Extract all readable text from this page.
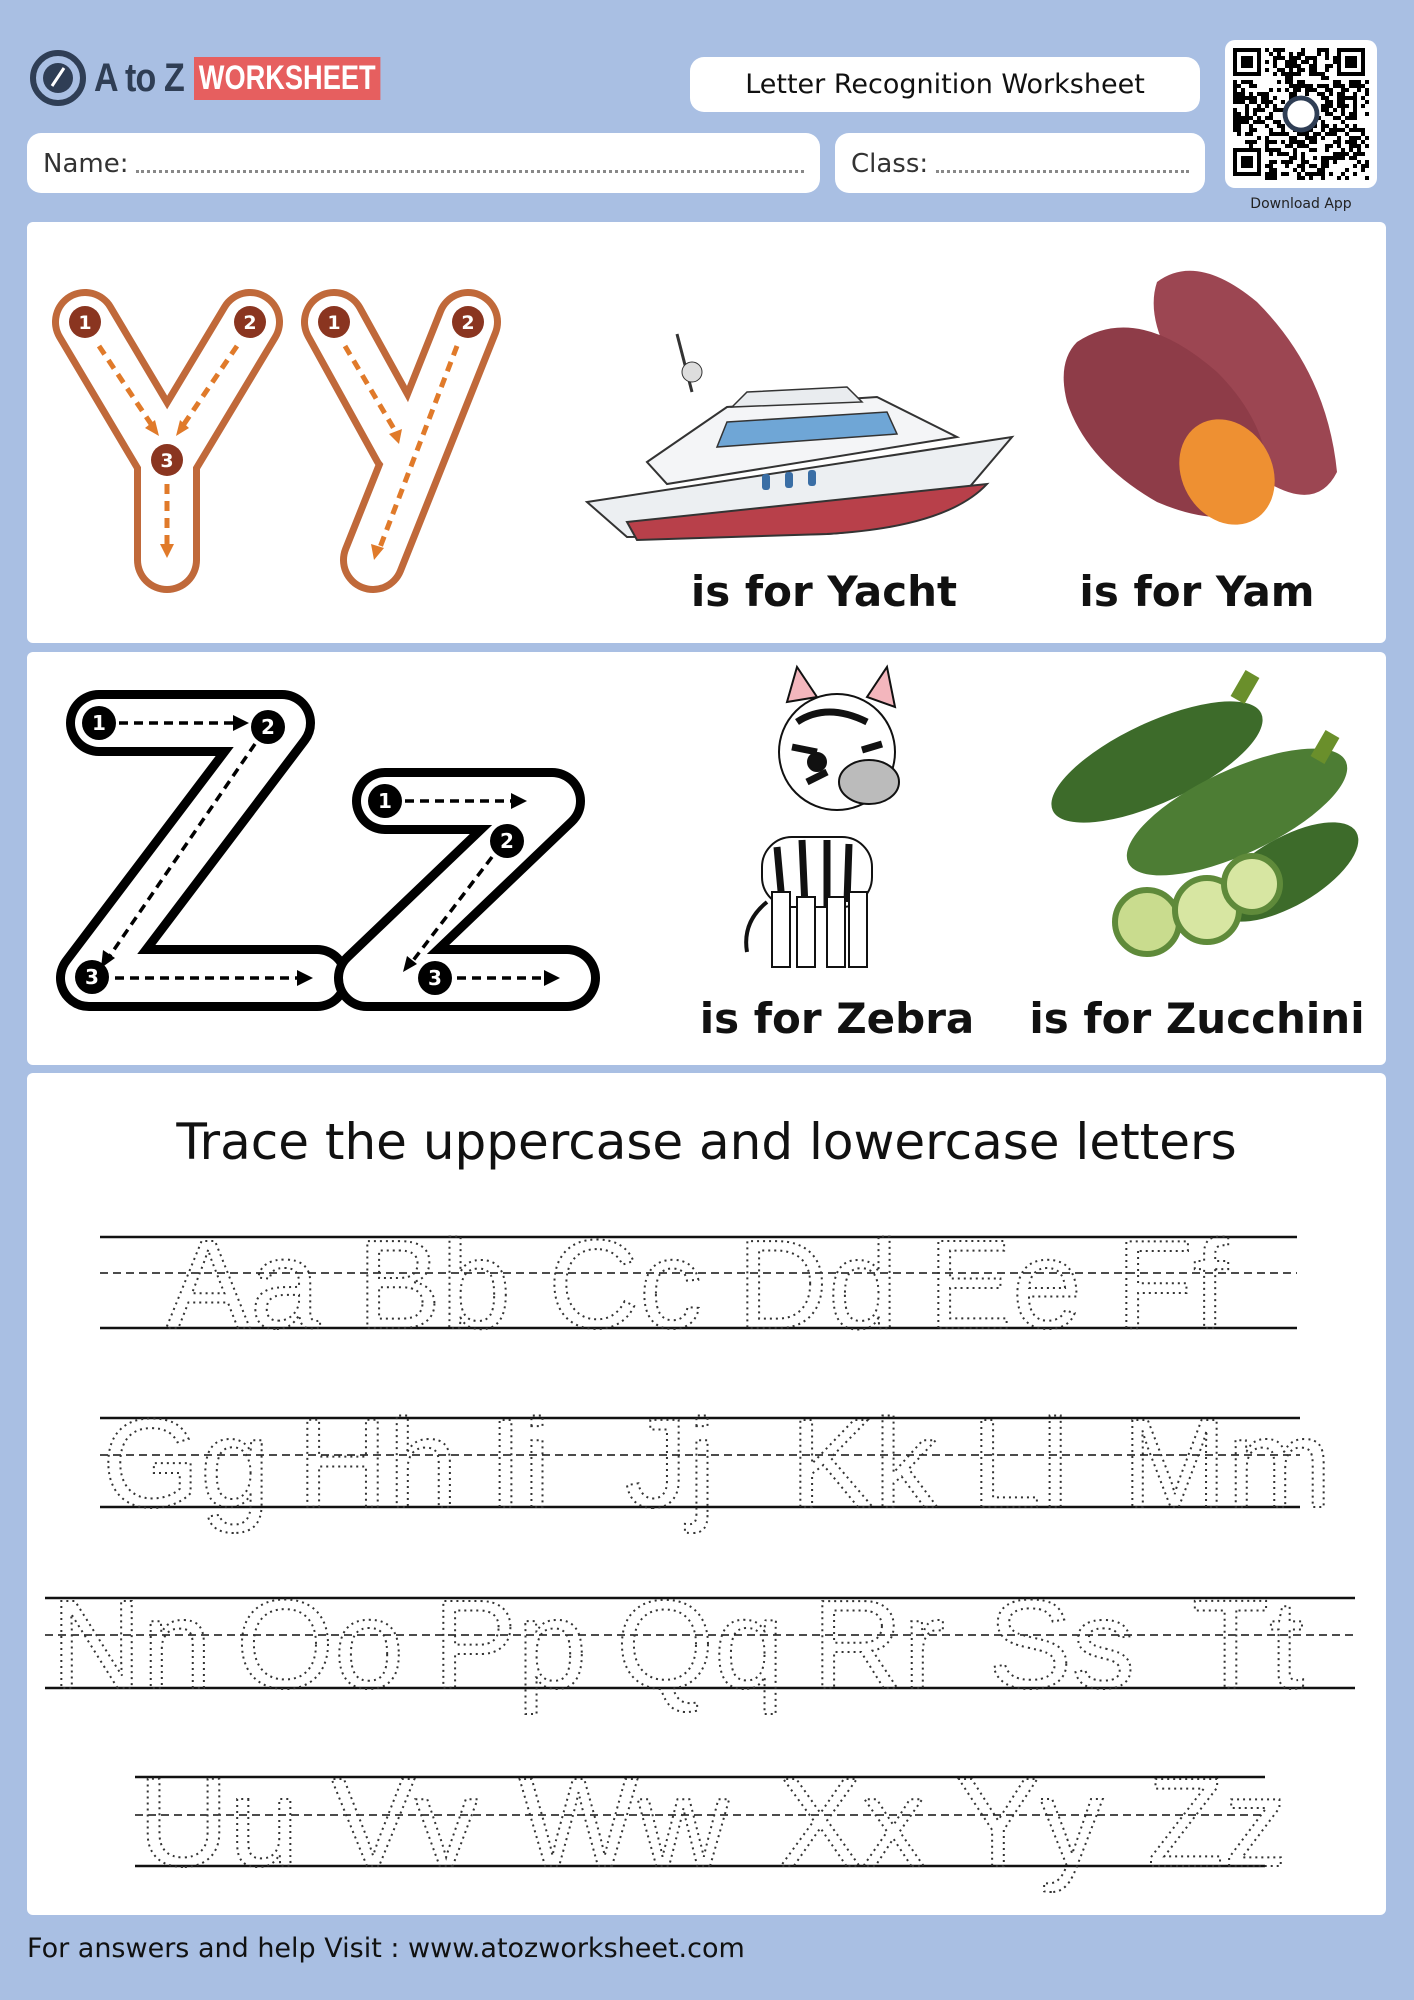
A to Z WORKSHEET	Letter Recognition Worksheet
Name:	Class:
Download App
1	2
3
1	2
is for Yacht	is for Yam
1	2
3
1
2
3
is for Zebra	is for Zucchini
Trace the uppercase and lowercase letters
Aa Bb Cc Dd Ee Ff
Gg Hh Ii Jj Kk Ll Mm
Nn Oo Pp Qq Rr Ss Tt
Uu Vv Ww Xx Yy Zz
For answers and help Visit : www.atozworksheet.com
